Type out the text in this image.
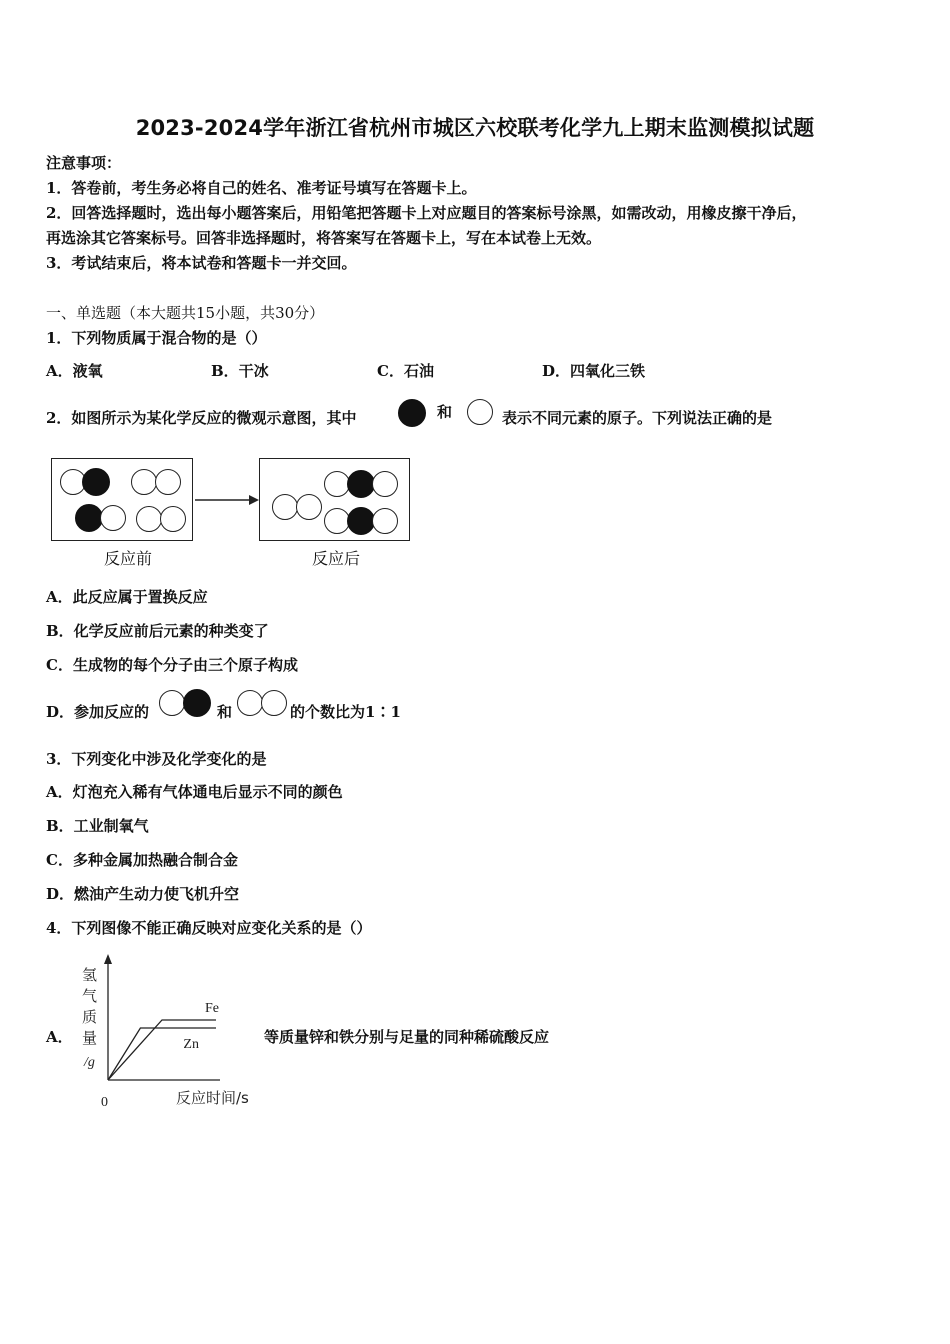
2023-2024学年浙江省杭州市城区六校联考化学九上期末监测模拟试题
注意事项：
1．答卷前，考生务必将自己的姓名、准考证号填写在答题卡上。
2．回答选择题时，选出每小题答案后，用铅笔把答题卡上对应题目的答案标号涂黑，如需改动，用橡皮擦干净后，
再选涂其它答案标号。回答非选择题时，将答案写在答题卡上，写在本试卷上无效。
3．考试结束后，将本试卷和答题卡一并交回。
一、单选题（本大题共15小题，共30分）
1．下列物质属于混合物的是（）
A．液氧	B．干冰	C．石油	D．四氧化三铁
2．如图所示为某化学反应的微观示意图，其中	和	表示不同元素的原子。下列说法正确的是
反应前	反应后
A．此反应属于置换反应
B．化学反应前后元素的种类变了
C．生成物的每个分子由三个原子构成
D．参加反应的	和	的个数比为1∶1
3．下列变化中涉及化学变化的是
A．灯泡充入稀有气体通电后显示不同的颜色
B．工业制氧气
C．多种金属加热融合制合金
D．燃油产生动力使飞机升空
4．下列图像不能正确反映对应变化关系的是（）
A．
Fe
Zn
氢
气
质
量
/g
0	反应时间/s
等质量锌和铁分别与足量的同种稀硫酸反应
